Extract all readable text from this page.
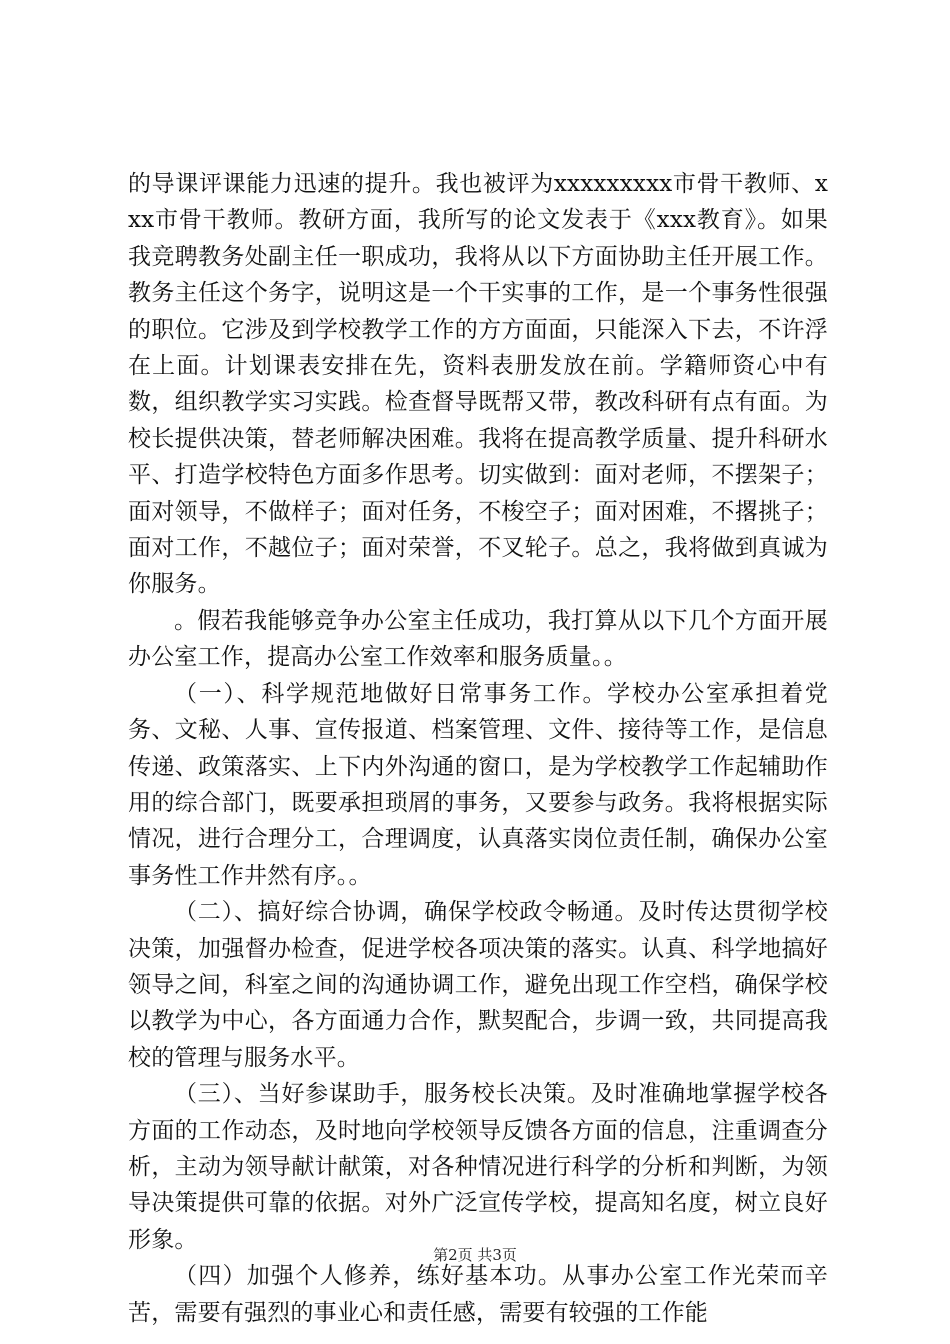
的导课评课能力迅速的提升。我也被评为xxxxxxxxx市骨干教师、xxx市骨干教师。教研方面，我所写的论文发表于《xxx教育》。如果我竞聘教务处副主任一职成功，我将从以下方面协助主任开展工作。教务主任这个务字，说明这是一个干实事的工作，是一个事务性很强的职位。它涉及到学校教学工作的方方面面，只能深入下去，不许浮在上面。计划课表安排在先，资料表册发放在前。学籍师资心中有数，组织教学实习实践。检查督导既帮又带，教改科研有点有面。为校长提供决策，替老师解决困难。我将在提高教学质量、提升科研水平、打造学校特色方面多作思考。切实做到：面对老师，不摆架子；面对领导，不做样子；面对任务，不梭空子；面对困难，不撂挑子；面对工作，不越位子；面对荣誉，不叉轮子。总之，我将做到真诚为你服务。

。假若我能够竞争办公室主任成功，我打算从以下几个方面开展办公室工作，提高办公室工作效率和服务质量。。

（一）、科学规范地做好日常事务工作。学校办公室承担着党务、文秘、人事、宣传报道、档案管理、文件、接待等工作，是信息传递、政策落实、上下内外沟通的窗口，是为学校教学工作起辅助作用的综合部门，既要承担琐屑的事务，又要参与政务。我将根据实际情况，进行合理分工，合理调度，认真落实岗位责任制，确保办公室事务性工作井然有序。。

（二）、搞好综合协调，确保学校政令畅通。及时传达贯彻学校决策，加强督办检查，促进学校各项决策的落实。认真、科学地搞好领导之间，科室之间的沟通协调工作，避免出现工作空档，确保学校以教学为中心，各方面通力合作，默契配合，步调一致，共同提高我校的管理与服务水平。

（三）、当好参谋助手，服务校长决策。及时准确地掌握学校各方面的工作动态，及时地向学校领导反馈各方面的信息，注重调查分析，主动为领导献计献策，对各种情况进行科学的分析和判断，为领导决策提供可靠的依据。对外广泛宣传学校，提高知名度，树立良好形象。

（四）加强个人修养，练好基本功。从事办公室工作光荣而辛苦，需要有强烈的事业心和责任感，需要有较强的工作能

第2页 共3页
